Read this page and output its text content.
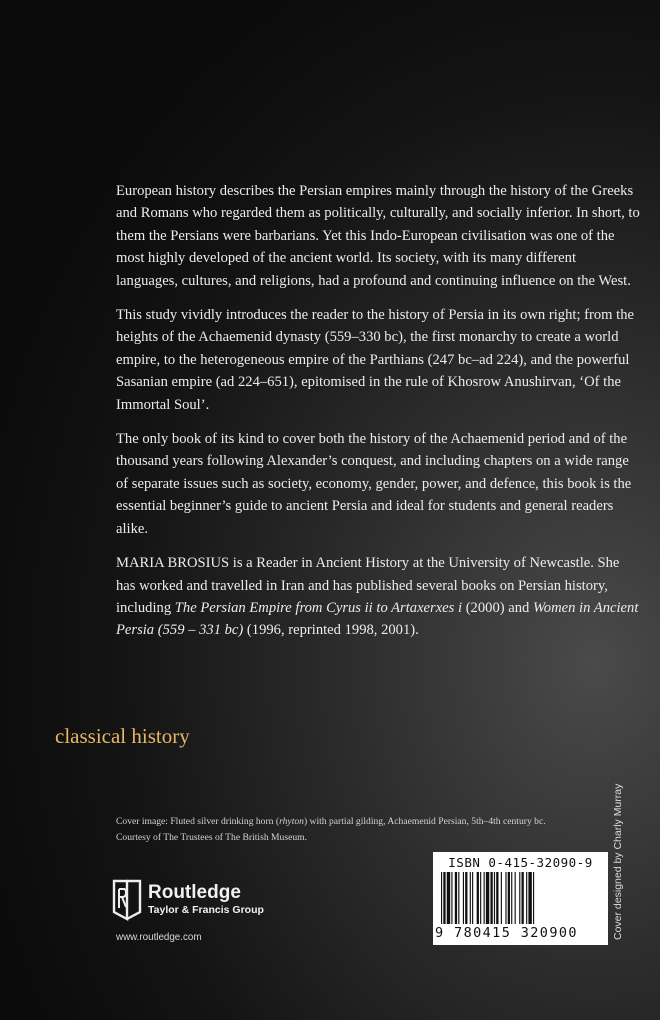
European history describes the Persian empires mainly through the history of the Greeks and Romans who regarded them as politically, culturally, and socially inferior. In short, to them the Persians were barbarians. Yet this Indo-European civilisation was one of the most highly developed of the ancient world. Its society, with its many different languages, cultures, and religions, had a profound and continuing influence on the West.

This study vividly introduces the reader to the history of Persia in its own right; from the heights of the Achaemenid dynasty (559–330 bc), the first monarchy to create a world empire, to the heterogeneous empire of the Parthians (247 bc–ad 224), and the powerful Sasanian empire (ad 224–651), epitomised in the rule of Khosrow Anushirvan, ‘Of the Immortal Soul’.

The only book of its kind to cover both the history of the Achaemenid period and of the thousand years following Alexander’s conquest, and including chapters on a wide range of separate issues such as society, economy, gender, power, and defence, this book is the essential beginner’s guide to ancient Persia and ideal for students and general readers alike.

MARIA BROSIUS is a Reader in Ancient History at the University of Newcastle. She has worked and travelled in Iran and has published several books on Persian history, including The Persian Empire from Cyrus ii to Artaxerxes i (2000) and Women in Ancient Persia (559 – 331 bc) (1996, reprinted 1998, 2001).

classical history
Cover image: Fluted silver drinking horn (rhyton) with partial gilding, Achaemenid Persian, 5th–4th century bc.
Courtesy of The Trustees of The British Museum.
Routledge
Taylor & Francis Group
www.routledge.com
ISBN 0-415-32090-9
9 780415 320900	Cover designed by Charly Murray
